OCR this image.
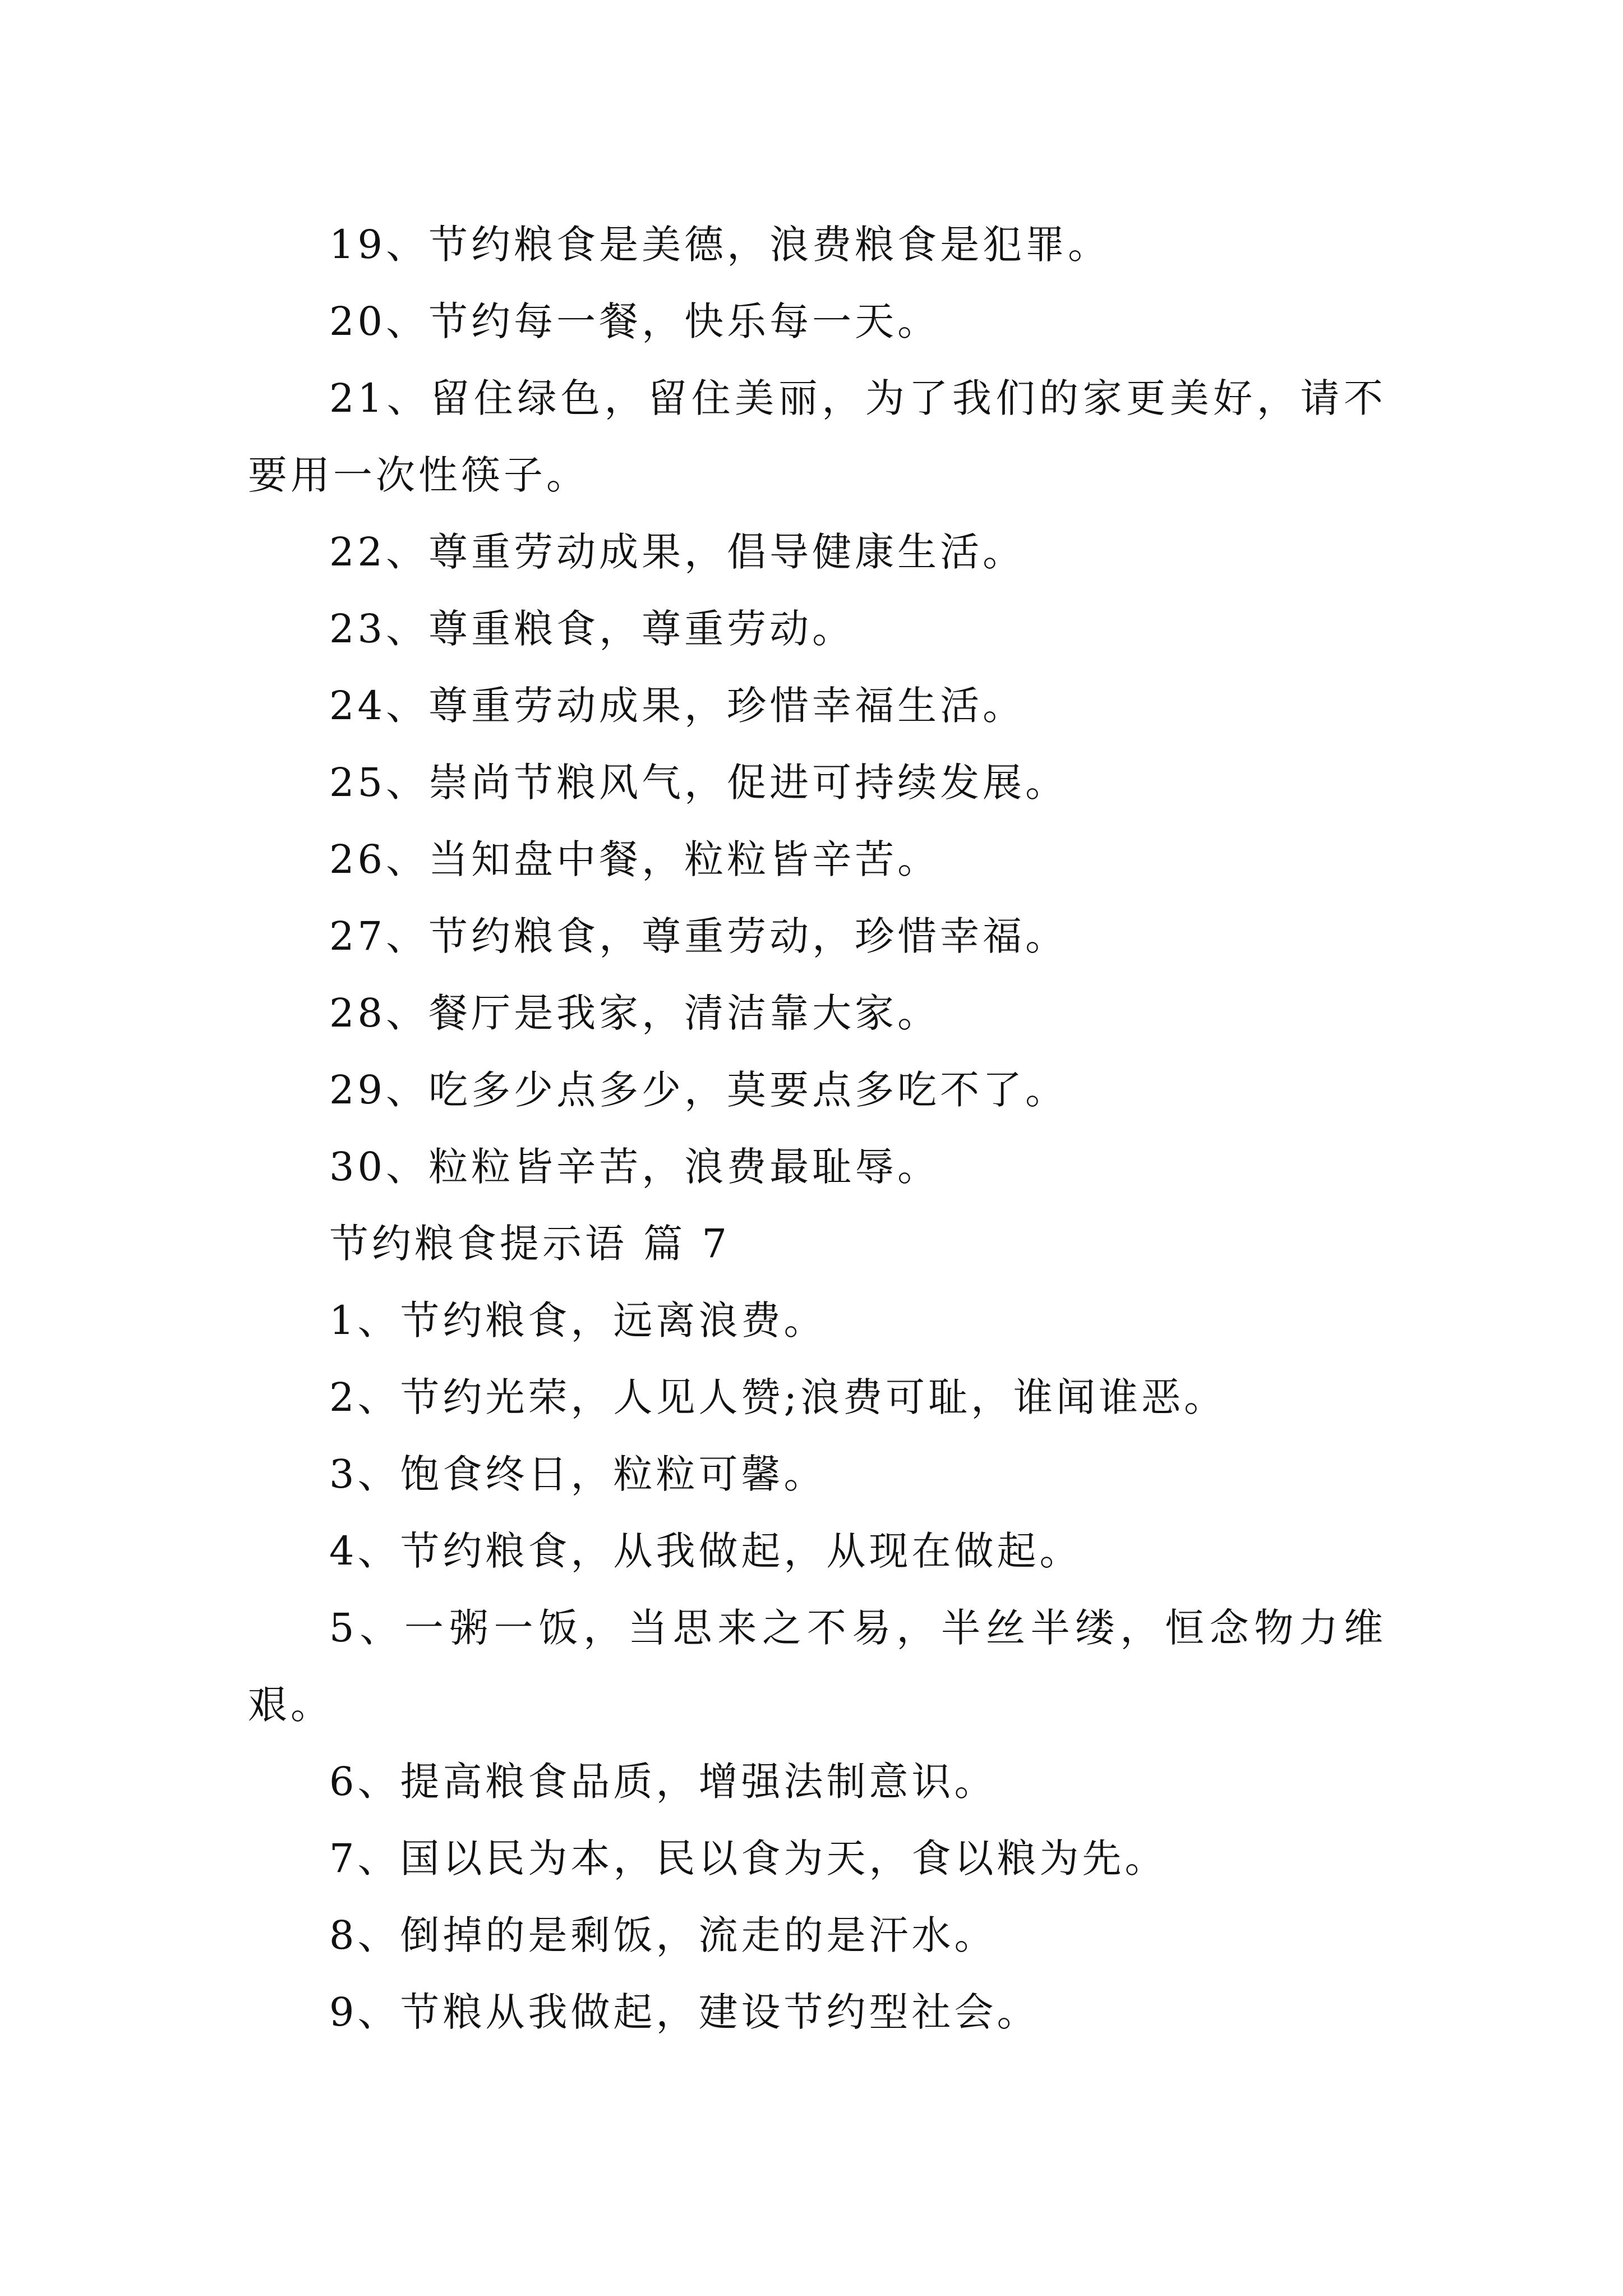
19、节约粮食是美德，浪费粮食是犯罪。
20、节约每一餐，快乐每一天。
21、留住绿色，留住美丽，为了我们的家更美好，请不要用一次性筷子。
22、尊重劳动成果，倡导健康生活。
23、尊重粮食，尊重劳动。
24、尊重劳动成果，珍惜幸福生活。
25、崇尚节粮风气，促进可持续发展。
26、当知盘中餐，粒粒皆辛苦。
27、节约粮食，尊重劳动，珍惜幸福。
28、餐厅是我家，清洁靠大家。
29、吃多少点多少，莫要点多吃不了。
30、粒粒皆辛苦，浪费最耻辱。
节约粮食提示语 篇 7
1、节约粮食，远离浪费。
2、节约光荣，人见人赞;浪费可耻，谁闻谁恶。
3、饱食终日，粒粒可馨。
4、节约粮食，从我做起，从现在做起。
5、一粥一饭，当思来之不易，半丝半缕，恒念物力维艰。
6、提高粮食品质，增强法制意识。
7、国以民为本，民以食为天，食以粮为先。
8、倒掉的是剩饭，流走的是汗水。
9、节粮从我做起，建设节约型社会。
